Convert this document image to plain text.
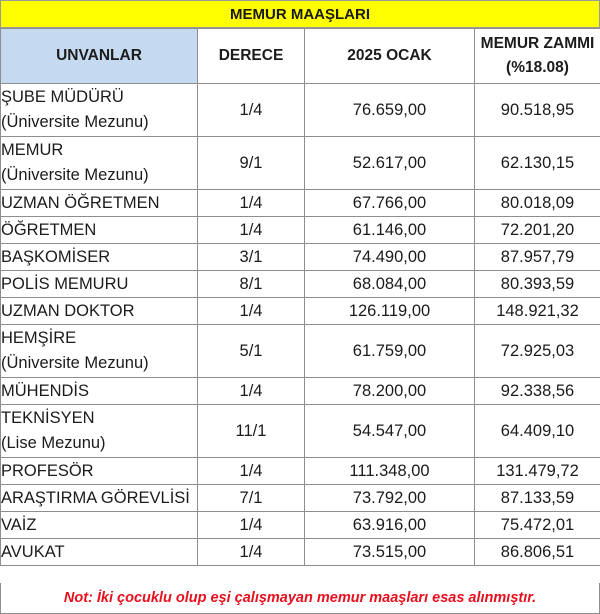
MEMUR MAAŞLARI
UNVANLAR	DERECE	2025 OCAK	MEMUR ZAMMI
(%18.08)

ŞUBE MÜDÜRÜ
(Üniversite Mezunu)	1/4	76.659,00	90.518,95
MEMUR
(Üniversite Mezunu)	9/1	52.617,00	62.130,15
UZMAN ÖĞRETMEN	1/4	67.766,00	80.018,09
ÖĞRETMEN	1/4	61.146,00	72.201,20
BAŞKOMİSER	3/1	74.490,00	87.957,79
POLİS MEMURU	8/1	68.084,00	80.393,59
UZMAN DOKTOR	1/4	126.119,00	148.921,32
HEMŞİRE
(Üniversite Mezunu)	5/1	61.759,00	72.925,03
MÜHENDİS	1/4	78.200,00	92.338,56
TEKNİSYEN
(Lise Mezunu)	11/1	54.547,00	64.409,10
PROFESÖR	1/4	111.348,00	131.479,72
ARAŞTIRMA GÖREVLİSİ	7/1	73.792,00	87.133,59
VAİZ	1/4	63.916,00	75.472,01
AVUKAT	1/4	73.515,00	86.806,51
Not: İki çocuklu olup eşi çalışmayan memur maaşları esas alınmıştır.
